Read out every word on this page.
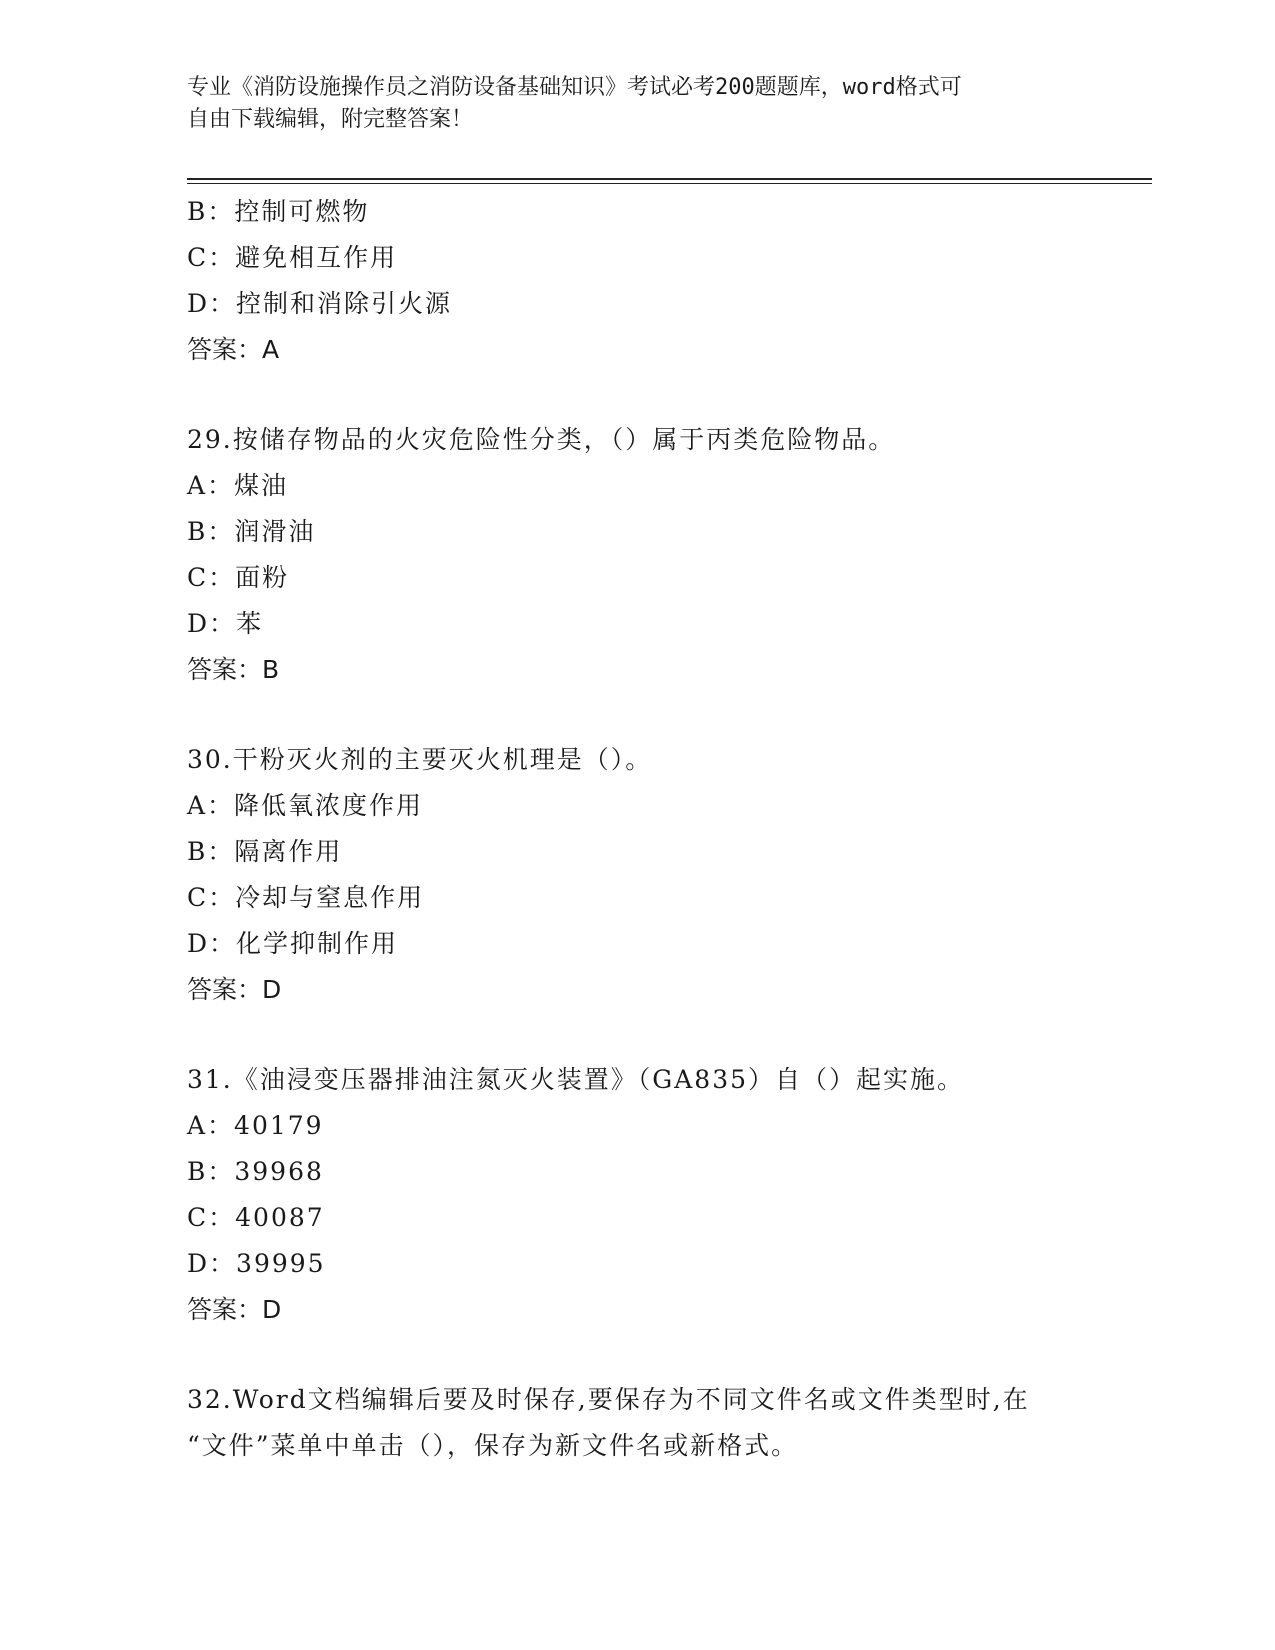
专业《消防设施操作员之消防设备基础知识》考试必考200题题库，word格式可

自由下载编辑，附完整答案！

B：控制可燃物
C：避免相互作用
D：控制和消除引火源
答案：A
29.按储存物品的火灾危险性分类，（）属于丙类危险物品。
A：煤油
B：润滑油
C：面粉
D：苯
答案：B
30.干粉灭火剂的主要灭火机理是（）。
A：降低氧浓度作用
B：隔离作用
C：冷却与窒息作用
D：化学抑制作用
答案：D
31.《油浸变压器排油注氮灭火装置》（GA835）自（）起实施。
A：40179
B：39968
C：40087
D：39995
答案：D
32.Word文档编辑后要及时保存,要保存为不同文件名或文件类型时,在
“文件”菜单中单击（），保存为新文件名或新格式。
